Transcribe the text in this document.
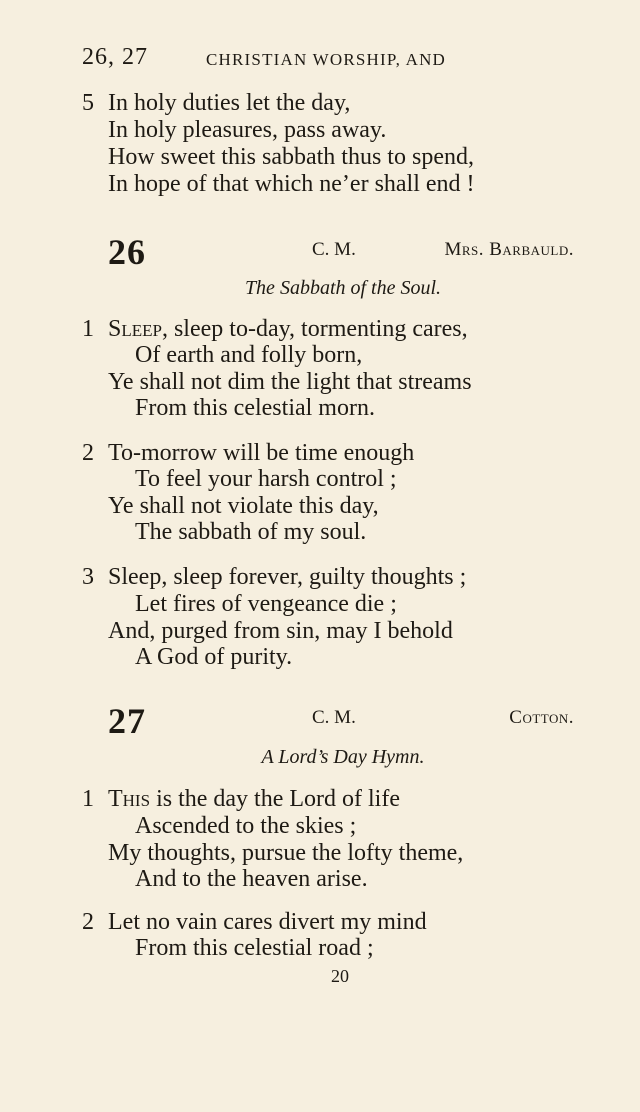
26, 27	CHRISTIAN WORSHIP, AND
5 In holy duties let the day,
In holy pleasures, pass away.
How sweet this sabbath thus to spend,
In hope of that which ne’er shall end !
26	C. M.	Mrs. Barbauld.
The Sabbath of the Soul.
1 Sleep, sleep to-day, tormenting cares,
Of earth and folly born,
Ye shall not dim the light that streams
From this celestial morn.
2 To-morrow will be time enough
To feel your harsh control ;
Ye shall not violate this day,
The sabbath of my soul.
3 Sleep, sleep forever, guilty thoughts ;
Let fires of vengeance die ;
And, purged from sin, may I behold
A God of purity.
27	C. M.	Cotton.
A Lord’s Day Hymn.
1 This is the day the Lord of life
Ascended to the skies ;
My thoughts, pursue the lofty theme,
And to the heaven arise.
2 Let no vain cares divert my mind
From this celestial road ;
20
